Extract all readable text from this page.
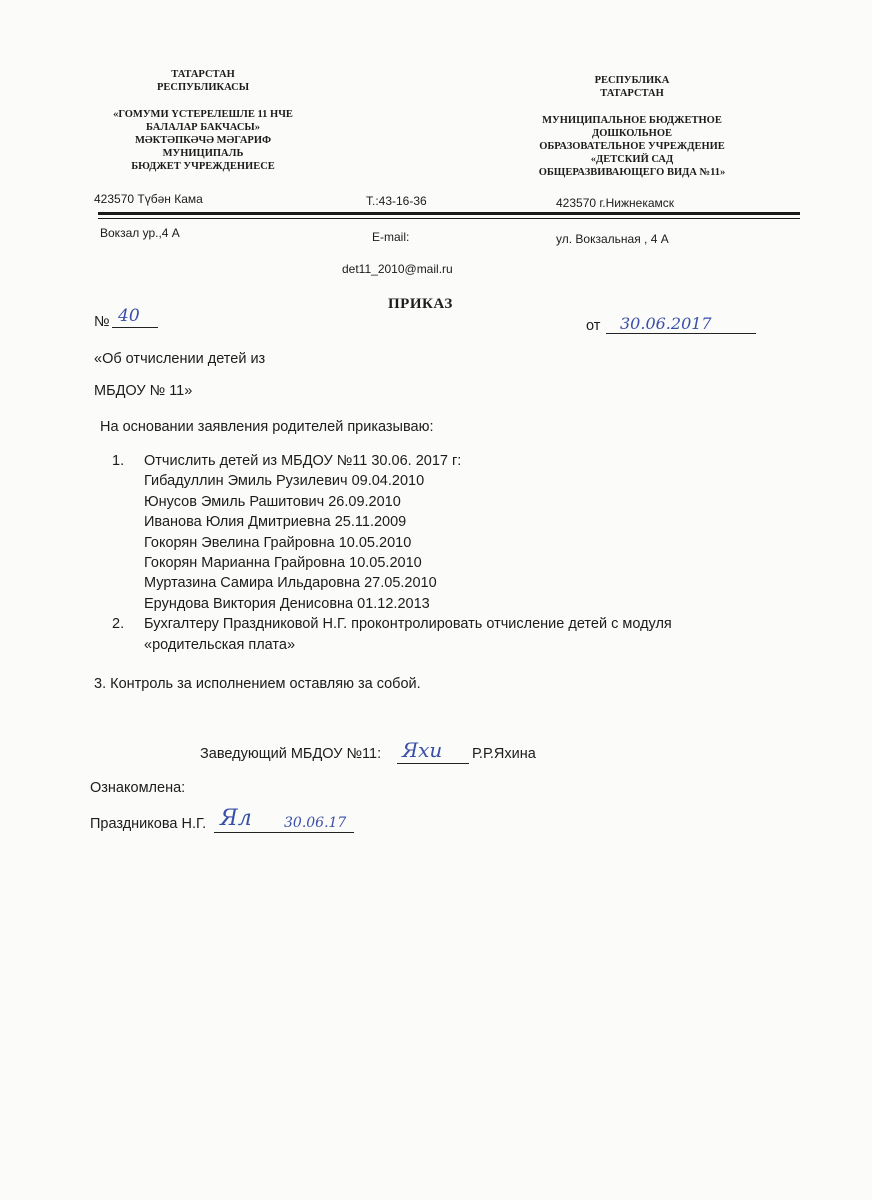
ТАТАРСТАН
РЕСПУБЛИКАСЫ
«ГОМУМИ ҮСТЕРЕЛЕШЛЕ 11 НЧЕ
БАЛАЛАР БАКЧАСЫ»
МӘКТӘПКӘЧӘ МӘГАРИФ
МУНИЦИПАЛЬ
БЮДЖЕТ УЧРЕЖДЕНИЕСЕ
РЕСПУБЛИКА
ТАТАРСТАН
МУНИЦИПАЛЬНОЕ БЮДЖЕТНОЕ
ДОШКОЛЬНОЕ
ОБРАЗОВАТЕЛЬНОЕ УЧРЕЖДЕНИЕ
«ДЕТСКИЙ САД
ОБЩЕРАЗВИВАЮЩЕГО ВИДА №11»
423570 Түбән Кама	Т.:43-16-36	423570 г.Нижнекамск
Вокзал ур.,4 А	E-mail:	ул. Вокзальная , 4 А
det11_2010@mail.ru
ПРИКАЗ
№ 40	от 30.06.2017
«Об отчислении детей из
МБДОУ № 11»
На основании заявления родителей приказываю:
1. Отчислить детей из МБДОУ №11 30.06. 2017 г:
Гибадуллин Эмиль Рузилевич 09.04.2010
Юнусов Эмиль Рашитович 26.09.2010
Иванова Юлия Дмитриевна 25.11.2009
Гокорян Эвелина Грайровна 10.05.2010
Гокорян Марианна Грайровна 10.05.2010
Муртазина Самира Ильдаровна 27.05.2010
Ерундова Виктория Денисовна 01.12.2013
2. Бухгалтеру Праздниковой Н.Г. проконтролировать отчисление детей с модуля
«родительская плата»
3. Контроль за исполнением оставляю за собой.
Заведующий МБДОУ №11: Яхи Р.Р.Яхина
Ознакомлена:
Праздникова Н.Г. Ял 30.06.17
